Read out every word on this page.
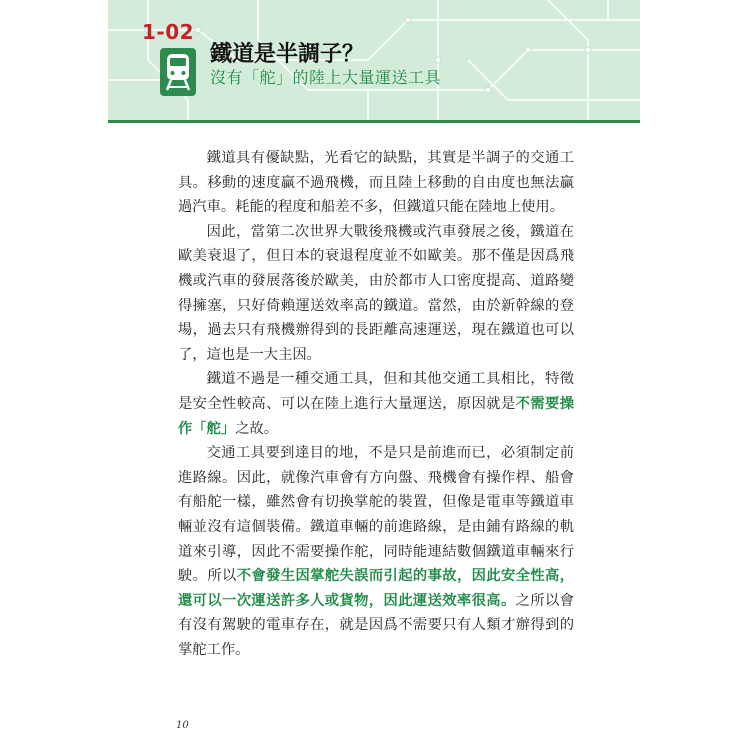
1-02
鐵道是半調子？
沒有「舵」的陸上大量運送工具

鐵道具有優缺點，光看它的缺點，其實是半調子的交通工具。移動的速度贏不過飛機，而且陸上移動的自由度也無法贏過汽車。耗能的程度和船差不多，但鐵道只能在陸地上使用。

因此，當第二次世界大戰後飛機或汽車發展之後，鐵道在歐美衰退了，但日本的衰退程度並不如歐美。那不僅是因爲飛機或汽車的發展落後於歐美，由於都市人口密度提高、道路變得擁塞，只好倚賴運送效率高的鐵道。當然，由於新幹線的登場，過去只有飛機辦得到的長距離高速運送，現在鐵道也可以了，這也是一大主因。

鐵道不過是一種交通工具，但和其他交通工具相比，特徵是安全性較高、可以在陸上進行大量運送，原因就是不需要操作「舵」之故。

交通工具要到達目的地，不是只是前進而已，必須制定前進路線。因此，就像汽車會有方向盤、飛機會有操作桿、船會有船舵一樣，雖然會有切換掌舵的裝置，但像是電車等鐵道車輛並沒有這個裝備。鐵道車輛的前進路線，是由鋪有路線的軌道來引導，因此不需要操作舵，同時能連結數個鐵道車輛來行駛。所以不會發生因掌舵失誤而引起的事故，因此安全性高，還可以一次運送許多人或貨物，因此運送效率很高。之所以會有沒有駕駛的電車存在，就是因爲不需要只有人類才辦得到的掌舵工作。

10
